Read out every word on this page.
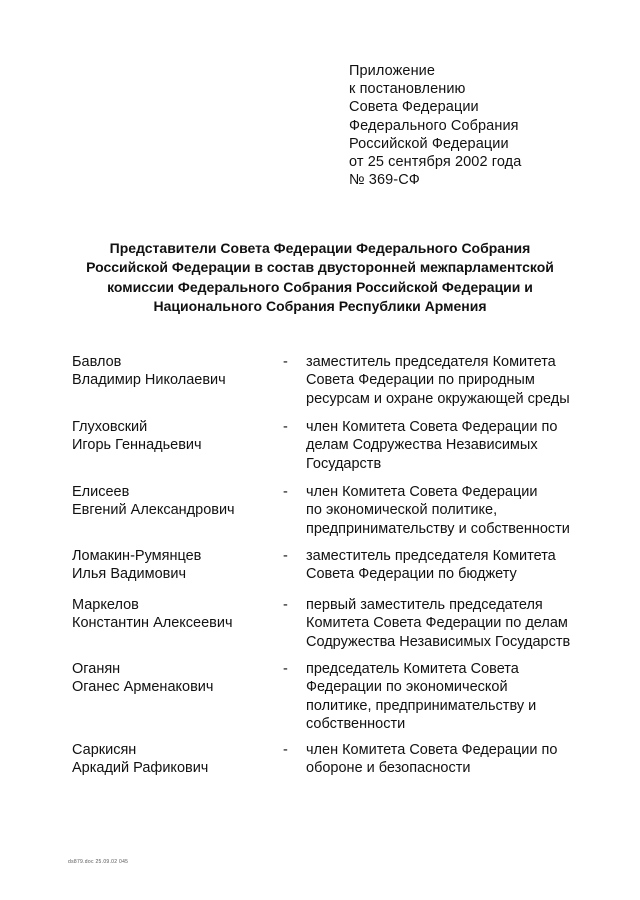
Приложение
к постановлению
Совета Федерации
Федерального Собрания
Российской Федерации
от 25 сентября 2002 года
№ 369-СФ
Представители Совета Федерации Федерального Собрания
Российской Федерации в состав двусторонней межпарламентской
комиссии Федерального Собрания Российской Федерации и
Национального Собрания Республики Армения
Бавлов
Владимир Николаевич
- заместитель председателя Комитета
Совета Федерации по природным
ресурсам и охране окружающей среды
Глуховский
Игорь Геннадьевич
- член Комитета Совета Федерации по
делам Содружества Независимых
Государств
Елисеев
Евгений Александрович
- член Комитета Совета Федерации
по экономической политике,
предпринимательству и собственности
Ломакин-Румянцев
Илья Вадимович
- заместитель председателя Комитета
Совета Федерации по бюджету
Маркелов
Константин Алексеевич
- первый заместитель председателя
Комитета Совета Федерации по делам
Содружества Независимых Государств
Оганян
Оганес Арменакович
- председатель Комитета Совета
Федерации по экономической
политике, предпринимательству и
собственности
Саркисян
Аркадий Рафикович
- член Комитета Совета Федерации по
обороне и безопасности
ds879.doc 25.09.02 045
